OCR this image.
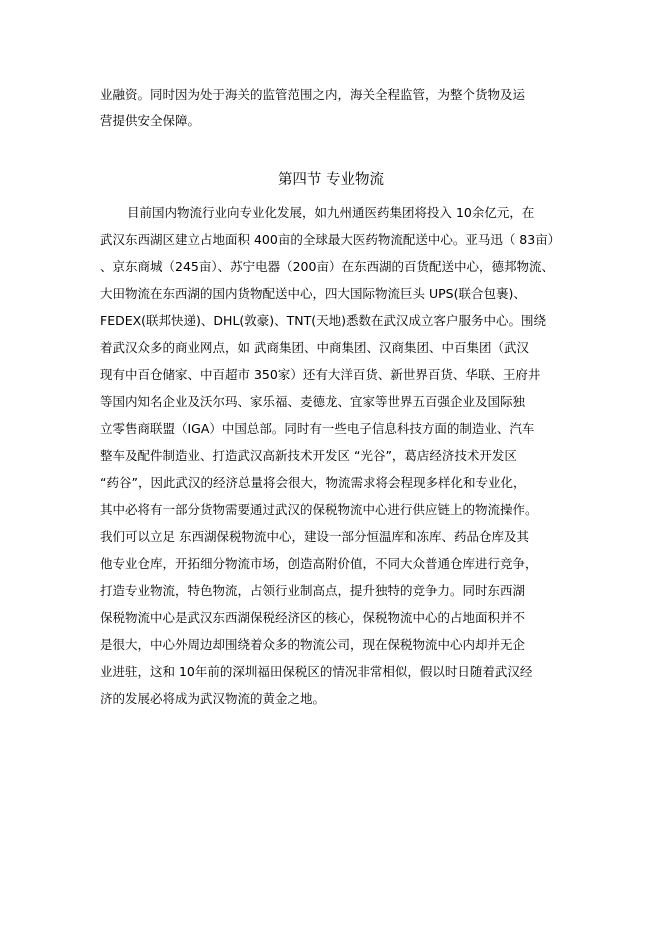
业融资。同时因为处于海关的监管范围之内，海关全程监管，为整个货物及运
营提供安全保障。
第四节 专业物流
目前国内物流行业向专业化发展，如九州通医药集团将投入 10余亿元，在
武汉东西湖区建立占地面积 400亩的全球最大医药物流配送中心。亚马迅（ 83亩）
、京东商城（245亩）、苏宁电器（200亩）在东西湖的百货配送中心，德邦物流、
大田物流在东西湖的国内货物配送中心，四大国际物流巨头 UPS(联合包裹)、
FEDEX(联邦快递)、DHL(敦豪)、TNT(天地)悉数在武汉成立客户服务中心。围绕
着武汉众多的商业网点，如 武商集团、中商集团、汉商集团、中百集团（武汉
现有中百仓储家、中百超市 350家）还有大洋百货、新世界百货、华联、王府井
等国内知名企业及沃尔玛、家乐福、麦德龙、宜家等世界五百强企业及国际独
立零售商联盟（IGA）中国总部。同时有一些电子信息科技方面的制造业、汽车
整车及配件制造业、打造武汉高新技术开发区 “光谷”，葛店经济技术开发区
“药谷”，因此武汉的经济总量将会很大，物流需求将会程现多样化和专业化，
其中必将有一部分货物需要通过武汉的保税物流中心进行供应链上的物流操作。
我们可以立足 东西湖保税物流中心，建设一部分恒温库和冻库、药品仓库及其
他专业仓库，开拓细分物流市场，创造高附价值，不同大众普通仓库进行竞争，
打造专业物流，特色物流，占领行业制高点，提升独特的竞争力。同时东西湖
保税物流中心是武汉东西湖保税经济区的核心，保税物流中心的占地面积并不
是很大，中心外周边却围绕着众多的物流公司，现在保税物流中心内却并无企
业进驻，这和 10年前的深圳福田保税区的情况非常相似，假以时日随着武汉经
济的发展必将成为武汉物流的黄金之地。
